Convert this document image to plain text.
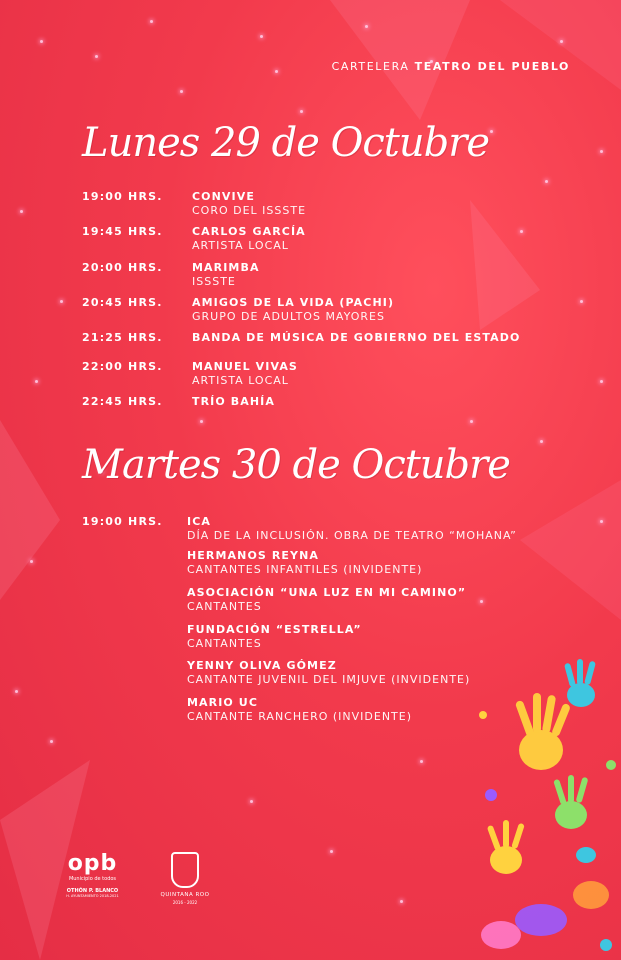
CARTELERA TEATRO DEL PUEBLO
Lunes 29 de Octubre
19:00 HRS.	CONVIVE
CORO DEL ISSSTE
19:45 HRS.	CARLOS GARCÍA
ARTISTA LOCAL
20:00 HRS.	MARIMBA
ISSSTE
20:45 HRS.	AMIGOS DE LA VIDA (PACHI)
GRUPO DE ADULTOS MAYORES
21:25 HRS.	BANDA DE MÚSICA DE GOBIERNO DEL ESTADO
22:00 HRS.	MANUEL VIVAS
ARTISTA LOCAL
22:45 HRS.	TRÍO BAHÍA
Martes 30 de Octubre
19:00 HRS. ICA
DÍA DE LA INCLUSIÓN. OBRA DE TEATRO “MOHANA”
HERMANOS REYNA
CANTANTES INFANTILES (INVIDENTE)
ASOCIACIÓN “UNA LUZ EN MI CAMINO”
CANTANTES
FUNDACIÓN “ESTRELLA”
CANTANTES
YENNY OLIVA GÓMEZ
CANTANTE JUVENIL DEL IMJUVE (INVIDENTE)
MARIO UC
CANTANTE RANCHERO (INVIDENTE)
opb
Municipio de todos
OTHÓN P. BLANCO
H. AYUNTAMIENTO 2018-2021	QUINTANA ROO
2016 - 2022
